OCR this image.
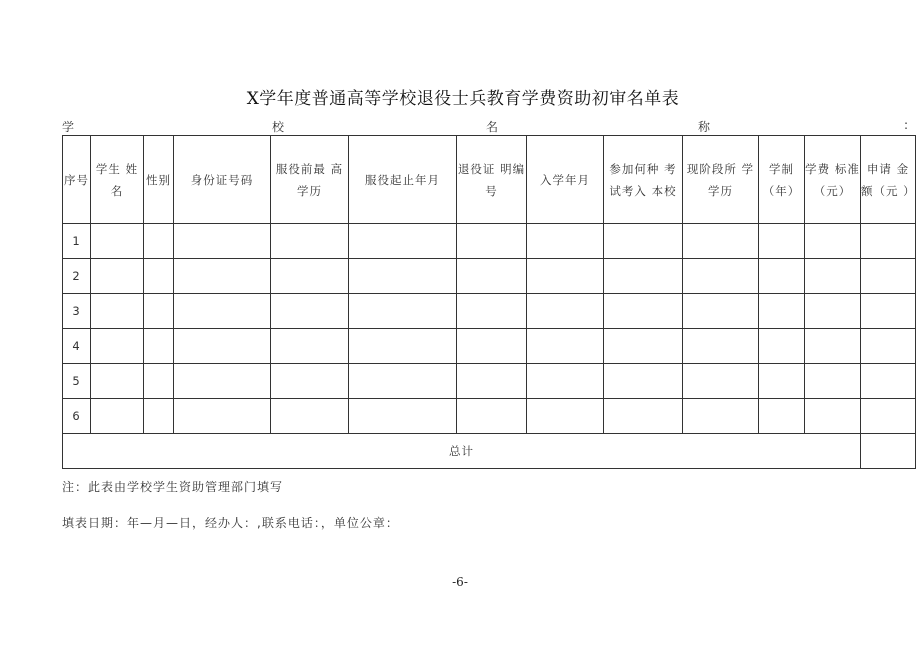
X学年度普通高等学校退役士兵教育学费资助初审名单表
学	校	名	称	:
序号	学生 姓名	性别	身份证号码	服役前最 高学历	服役起止年月	退役证 明编号	入学年月	参加何种 考试考入 本校	现阶段所 学学历	学制（年）	学费 标准（元）	申请 金额（元 ）
1												
2												
3												
4												
5												
6												
总计												
注：此表由学校学生资助管理部门填写
填表日期：年—月—日，经办人：,联系电话：，单位公章：
-6-
